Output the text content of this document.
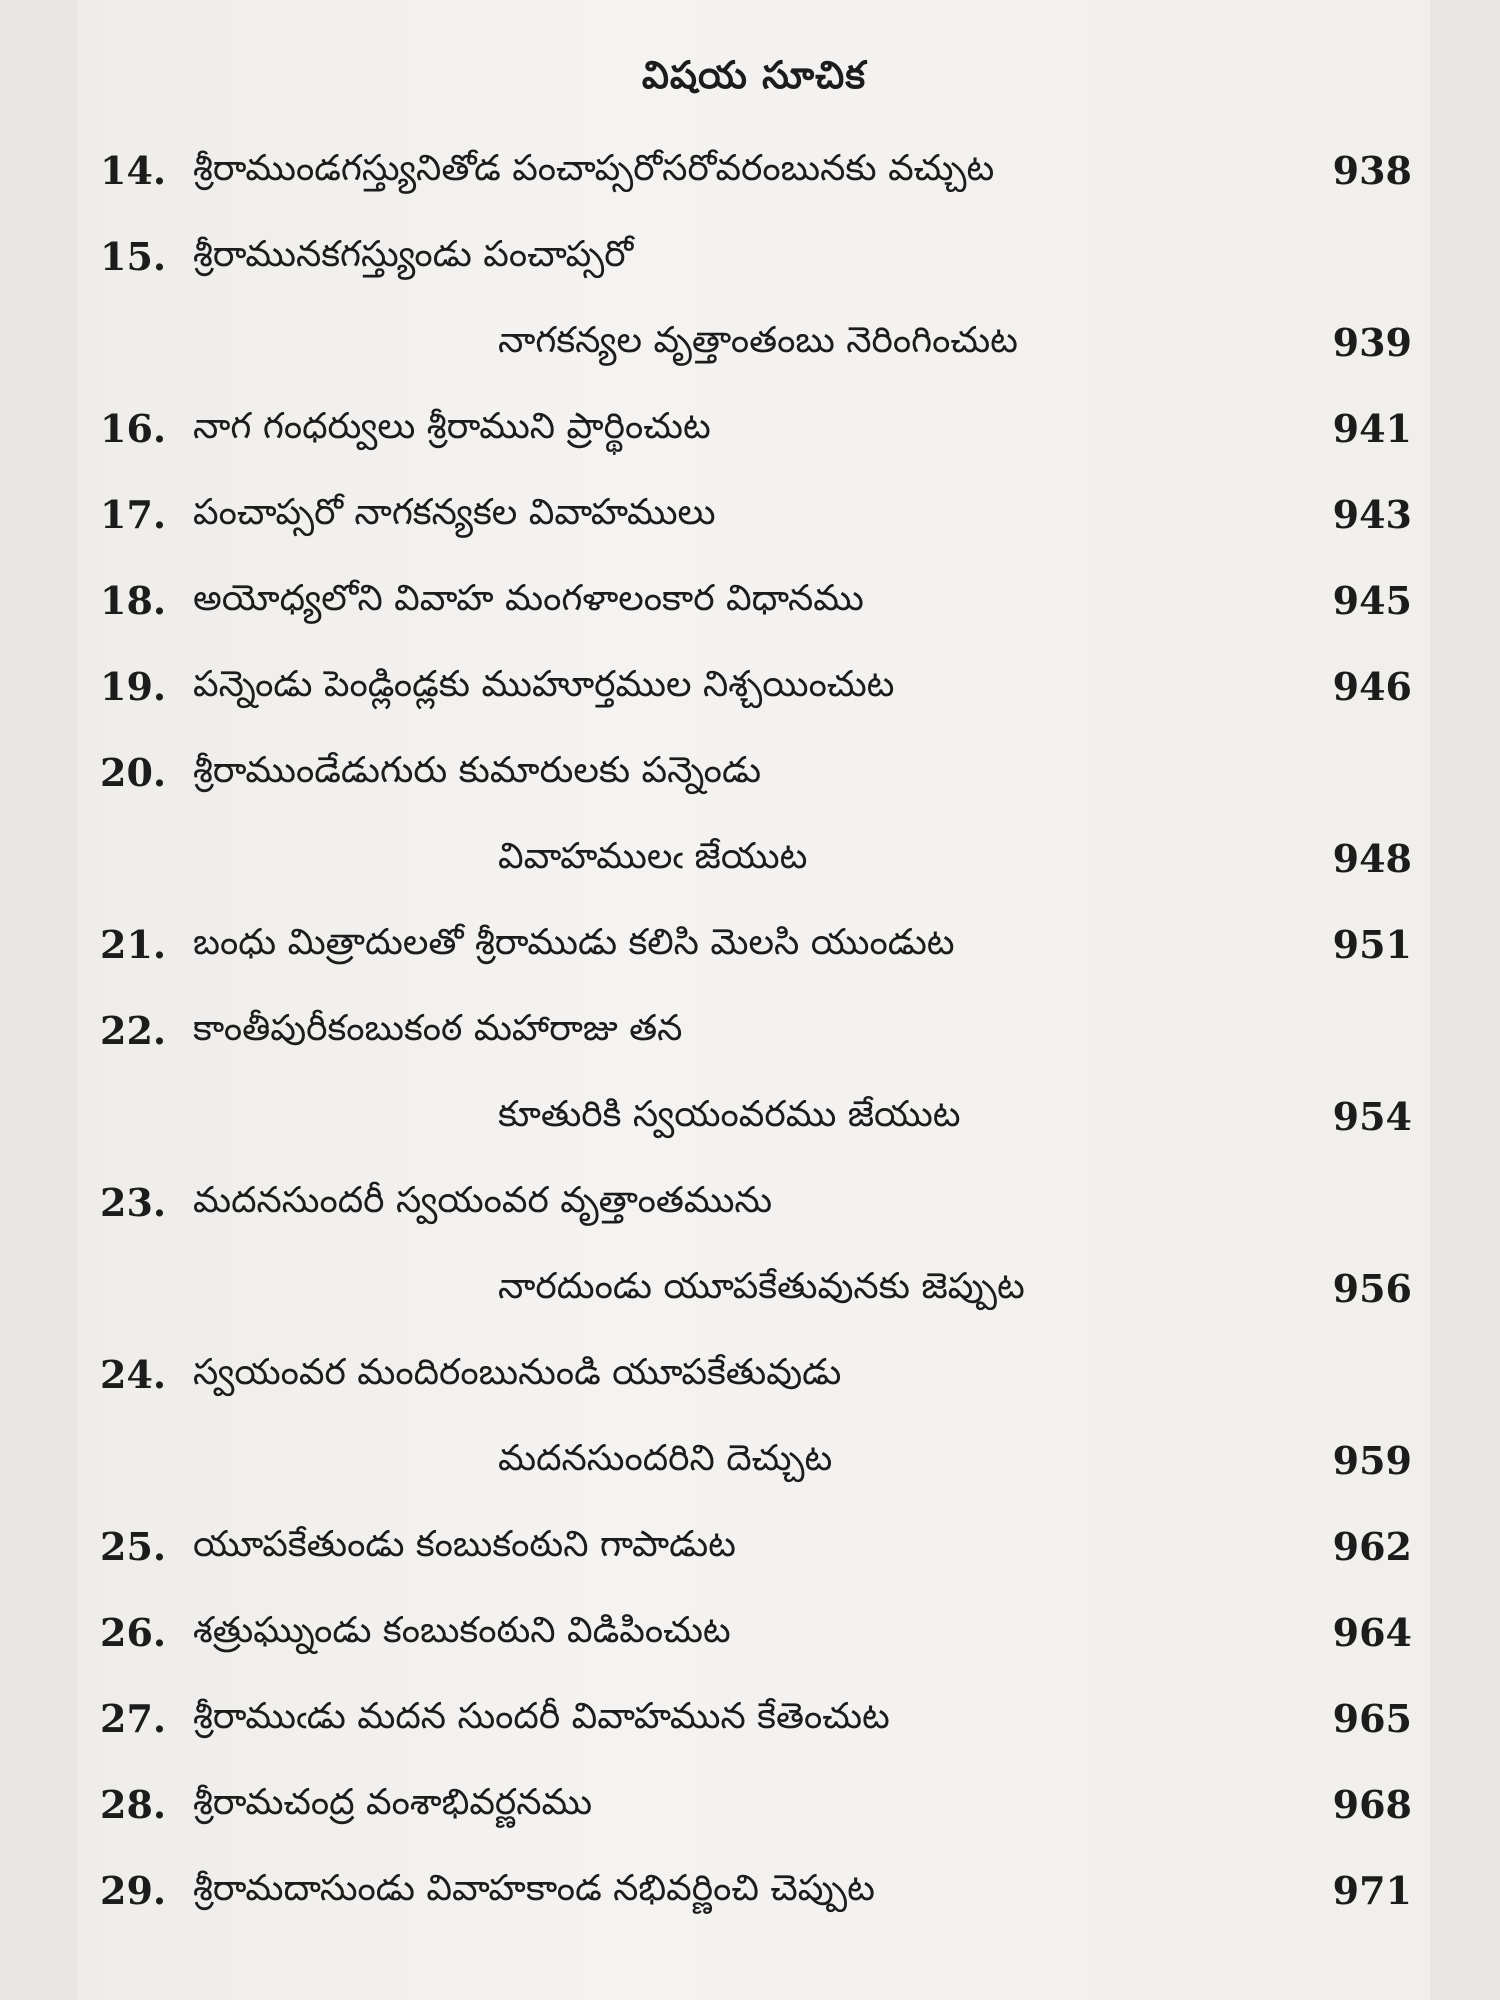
విషయ సూచిక
14. శ్రీరాముండగస్త్యునితోడ పంచాప్సరోసరోవరంబునకు వచ్చుట	938
15. శ్రీరామునకగస్త్యుండు పంచాప్సరో
నాగకన్యల వృత్తాంతంబు నెరింగించుట	939
16. నాగ గంధర్వులు శ్రీరాముని ప్రార్థించుట	941
17. పంచాప్సరో నాగకన్యకల వివాహములు	943
18. అయోధ్యలోని వివాహ మంగళాలంకార విధానము	945
19. పన్నెండు పెండ్లిండ్లకు ముహూర్తముల నిశ్చయించుట	946
20. శ్రీరాముండేడుగురు కుమారులకు పన్నెండు
వివాహములఁ జేయుట	948
21. బంధు మిత్రాదులతో శ్రీరాముడు కలిసి మెలసి యుండుట	951
22. కాంతీపురీకంబుకంఠ మహారాజు తన
కూతురికి స్వయంవరము జేయుట	954
23. మదనసుందరీ స్వయంవర వృత్తాంతమును
నారదుండు యూపకేతువునకు జెప్పుట	956
24. స్వయంవర మందిరంబునుండి యూపకేతువుడు
మదనసుందరిని దెచ్చుట	959
25. యూపకేతుండు కంబుకంఠుని గాపాడుట	962
26. శత్రుఘ్నుండు కంబుకంఠుని విడిపించుట	964
27. శ్రీరాముఁడు మదన సుందరీ వివాహమున కేతెంచుట	965
28. శ్రీరామచంద్ర వంశాభివర్ణనము	968
29. శ్రీరామదాసుండు వివాహకాండ నభివర్ణించి చెప్పుట	971
